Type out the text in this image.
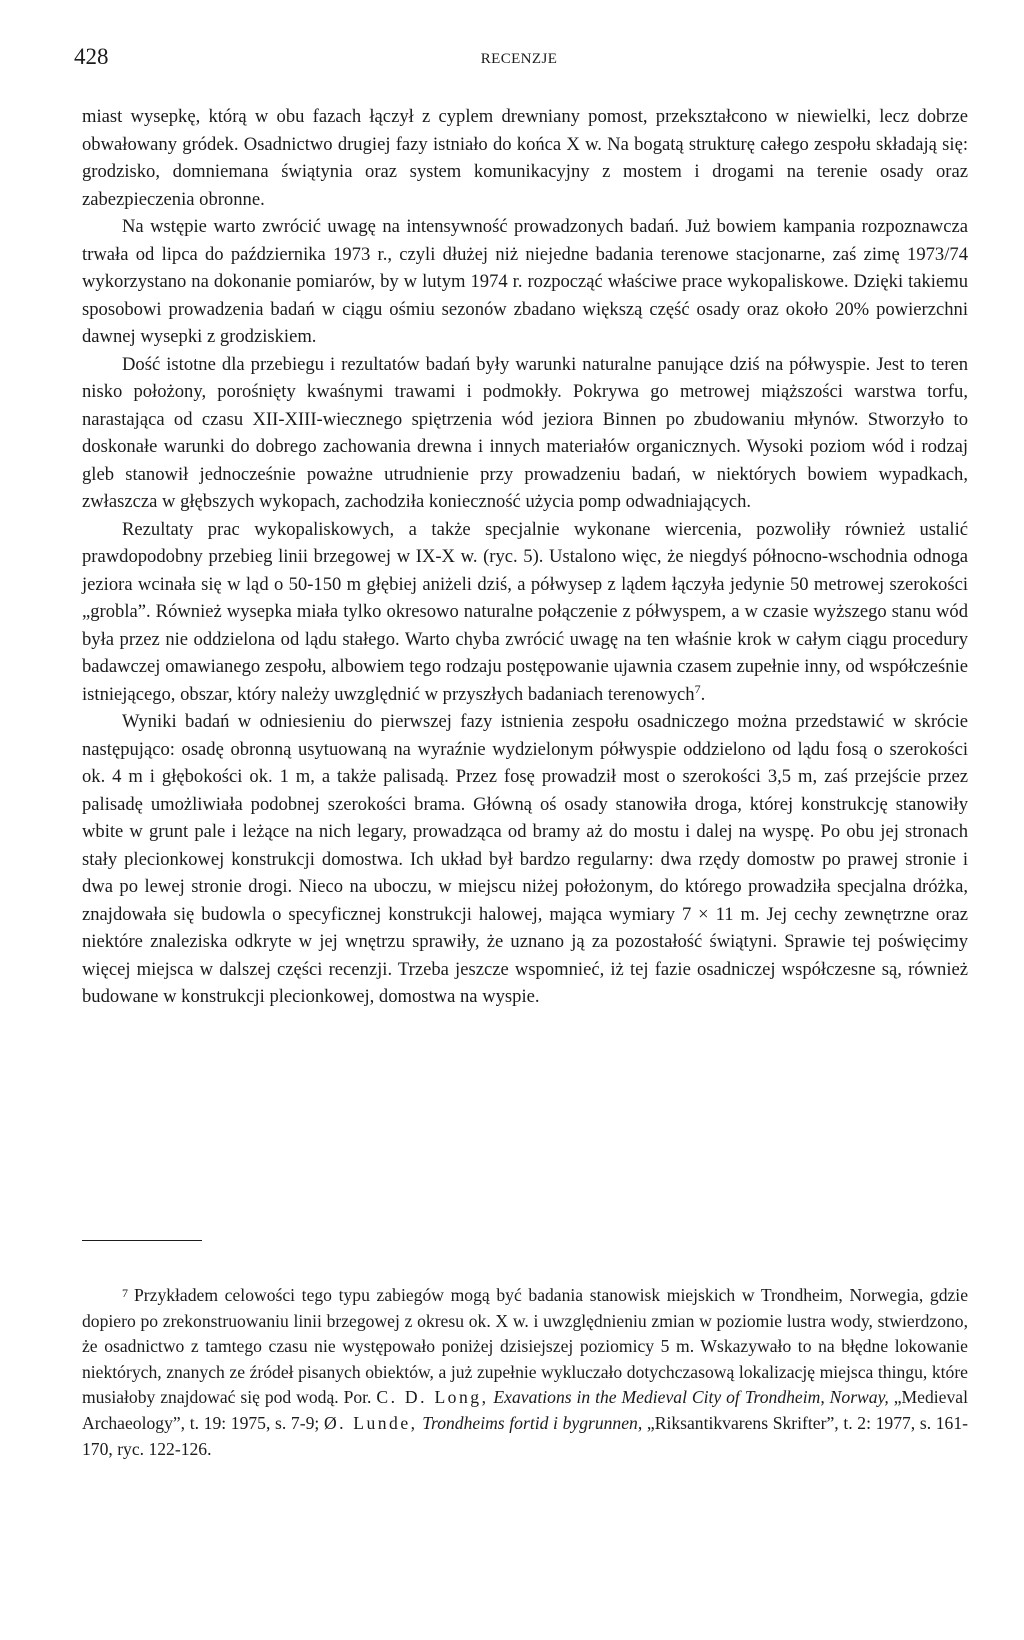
428	RECENZJE

miast wysepkę, którą w obu fazach łączył z cyplem drewniany pomost, przekształcono w niewielki, lecz dobrze obwałowany gródek. Osadnictwo drugiej fazy istniało do końca X w. Na bogatą strukturę całego zespołu składają się: grodzisko, domniemana świątynia oraz system komunikacyjny z mostem i drogami na terenie osady oraz zabezpieczenia obronne.

Na wstępie warto zwrócić uwagę na intensywność prowadzonych badań. Już bowiem kampania rozpoznawcza trwała od lipca do października 1973 r., czyli dłużej niż niejedne badania terenowe stacjonarne, zaś zimę 1973/74 wykorzystano na dokonanie pomiarów, by w lutym 1974 r. rozpocząć właściwe prace wykopaliskowe. Dzięki takiemu sposobowi prowadzenia badań w ciągu ośmiu sezonów zbadano większą część osady oraz około 20% powierzchni dawnej wysepki z grodziskiem.

Dość istotne dla przebiegu i rezultatów badań były warunki naturalne panujące dziś na półwyspie. Jest to teren nisko położony, porośnięty kwaśnymi trawami i podmokły. Pokrywa go metrowej miąższości warstwa torfu, narastająca od czasu XII-XIII-wiecznego spiętrzenia wód jeziora Binnen po zbudowaniu młynów. Stworzyło to doskonałe warunki do dobrego zachowania drewna i innych materiałów organicznych. Wysoki poziom wód i rodzaj gleb stanowił jednocześnie poważne utrudnienie przy prowadzeniu badań, w niektórych bowiem wypadkach, zwłaszcza w głębszych wykopach, zachodziła konieczność użycia pomp odwadniających.

Rezultaty prac wykopaliskowych, a także specjalnie wykonane wiercenia, pozwoliły również ustalić prawdopodobny przebieg linii brzegowej w IX-X w. (ryc. 5). Ustalono więc, że niegdyś północno-wschodnia odnoga jeziora wcinała się w ląd o 50-150 m głębiej aniżeli dziś, a półwysep z lądem łączyła jedynie 50 metrowej szerokości „grobla”. Również wysepka miała tylko okresowo naturalne połączenie z półwyspem, a w czasie wyższego stanu wód była przez nie oddzielona od lądu stałego. Warto chyba zwrócić uwagę na ten właśnie krok w całym ciągu procedury badawczej omawianego zespołu, albowiem tego rodzaju postępowanie ujawnia czasem zupełnie inny, od współcześnie istniejącego, obszar, który należy uwzględnić w przyszłych badaniach terenowych$^7$.

Wyniki badań w odniesieniu do pierwszej fazy istnienia zespołu osadniczego można przedstawić w skrócie następująco: osadę obronną usytuowaną na wyraźnie wydzielonym półwyspie oddzielono od lądu fosą o szerokości ok. 4 m i głębokości ok. 1 m, a także palisadą. Przez fosę prowadził most o szerokości 3,5 m, zaś przejście przez palisadę umożliwiała podobnej szerokości brama. Główną oś osady stanowiła droga, której konstrukcję stanowiły wbite w grunt pale i leżące na nich legary, prowadząca od bramy aż do mostu i dalej na wyspę. Po obu jej stronach stały plecionkowej konstrukcji domostwa. Ich układ był bardzo regularny: dwa rzędy domostw po prawej stronie i dwa po lewej stronie drogi. Nieco na uboczu, w miejscu niżej położonym, do którego prowadziła specjalna dróżka, znajdowała się budowla o specyficznej konstrukcji halowej, mająca wymiary 7 × 11 m. Jej cechy zewnętrzne oraz niektóre znaleziska odkryte w jej wnętrzu sprawiły, że uznano ją za pozostałość świątyni. Sprawie tej poświęcimy więcej miejsca w dalszej części recenzji. Trzeba jeszcze wspomnieć, iż tej fazie osadniczej współczesne są, również budowane w konstrukcji plecionkowej, domostwa na wyspie.

$^7$ Przykładem celowości tego typu zabiegów mogą być badania stanowisk miejskich w Trondheim, Norwegia, gdzie dopiero po zrekonstruowaniu linii brzegowej z okresu ok. X w. i uwzględnieniu zmian w poziomie lustra wody, stwierdzono, że osadnictwo z tamtego czasu nie występowało poniżej dzisiejszej poziomicy 5 m. Wskazywało to na błędne lokowanie niektórych, znanych ze źródeł pisanych obiektów, a już zupełnie wykluczało dotychczasową lokalizację miejsca thingu, które musiałoby znajdować się pod wodą. Por. C. D. Long, Exavations in the Medieval City of Trondheim, Norway, „Medieval Archaeology”, t. 19: 1975, s. 7-9; Ø. Lunde, Trondheims fortid i bygrunnen, „Riksantikvarens Skrifter”, t. 2: 1977, s. 161-170, ryc. 122-126.
